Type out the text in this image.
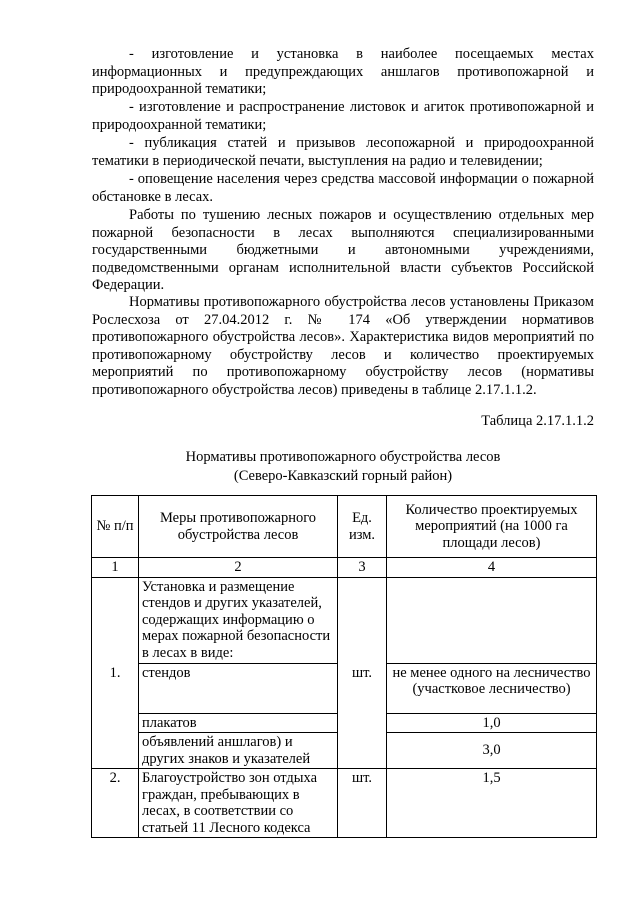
- изготовление и установка в наиболее посещаемых местах информационных и предупреждающих аншлагов противопожарной и природоохранной тематики;

- изготовление и распространение листовок и агиток противопожарной и природоохранной тематики;

- публикация статей и призывов лесопожарной и природоохранной тематики в периодической печати, выступления на радио и телевидении;

- оповещение населения через средства массовой информации о пожарной обстановке в лесах.

Работы по тушению лесных пожаров и осуществлению отдельных мер пожарной безопасности в лесах выполняются специализированными государственными бюджетными и автономными учреждениями, подведомственными органам исполнительной власти субъектов Российской Федерации.

Нормативы противопожарного обустройства лесов установлены Приказом Рослесхоза от 27.04.2012 г. № 174 «Об утверждении нормативов противопожарного обустройства лесов». Характеристика видов мероприятий по противопожарному обустройству лесов и количество проектируемых мероприятий по противопожарному обустройству лесов (нормативы противопожарного обустройства лесов) приведены в таблице 2.17.1.1.2.

Таблица 2.17.1.1.2
Нормативы противопожарного обустройства лесов
(Северо-Кавказский горный район)
№ п/п	Меры противопожарного обустройства лесов	Ед. изм.	Количество проектируемых мероприятий (на 1000 га площади лесов)
1	2	3	4
1.	Установка и размещение стендов и других указателей, содержащих информацию о мерах пожарной безопасности в лесах в виде:	шт.	
	стендов		не менее одного на лесничество (участковое лесничество)
	плакатов		1,0
	объявлений аншлагов) и других знаков и указателей		3,0
2.	Благоустройство зон отдыха граждан, пребывающих в лесах, в соответствии со статьей 11 Лесного кодекса	шт.	1,5
